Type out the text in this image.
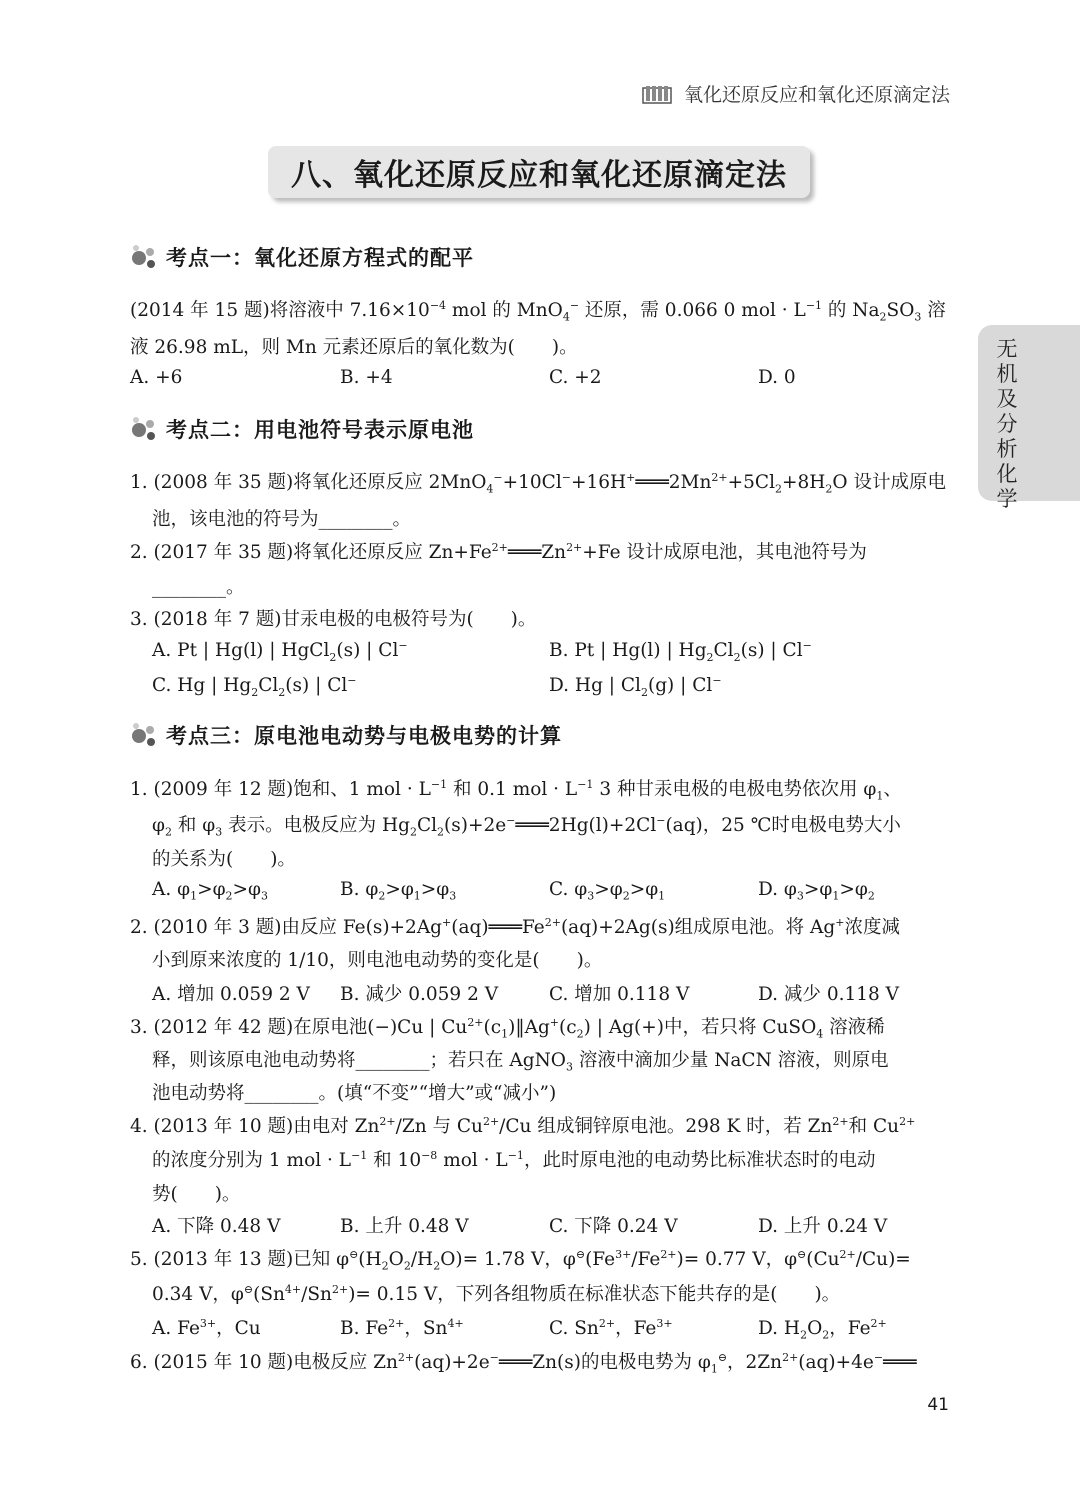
氧化还原反应和氧化还原滴定法
无机及分析化学
八、氧化还原反应和氧化还原滴定法
考点一：氧化还原方程式的配平
(2014 年 15 题)将溶液中 $7.16\times 10^{-4}$ mol 的 MnO$_4$− 还原，需 0.066 0 mol · $L^{-1}$ 的 $Na_2SO_3$ 溶
液 26.98 mL，则 Mn 元素还原后的氧化数为(　　)。
A. +6	B. +4	C. +2	D. 0
考点二：用电池符号表示原电池
1. (2008 年 35 题)将氧化还原反应 $2MnO_4^-+10Cl^-+16H^+═══2Mn^{2+}+5Cl_2+8H_2O$ 设计成原电
池，该电池的符号为________。
2. (2017 年 35 题)将氧化还原反应 $Zn+Fe^{2+}═══Zn^{2+}+Fe$ 设计成原电池，其电池符号为
________。
3. (2018 年 7 题)甘汞电极的电极符号为(　　)。
A. Pt | Hg(l) | HgCl$_2$(s) | Cl−	B. Pt | Hg(l) | $Hg_2Cl_2(s)$ | Cl−
C. Hg | $Hg_2Cl_2(s)$ | Cl−	D. Hg | $Cl_2(g)$ | Cl−
考点三：原电池电动势与电极电势的计算
1. (2009 年 12 题)饱和、1 mol · $L^{-1}$ 和 0.1 mol · $L^{-1}$ 3 种甘汞电极的电极电势依次用 $\varphi_1$、
$\varphi_2$ 和 $\varphi_3$ 表示。电极反应为 $Hg_2Cl_2(s)+2e^-═══2Hg(l)+2Cl^-(aq)$，25 ℃时电极电势大小
的关系为(　　)。
A. $\varphi_1>\varphi_2>\varphi_3$	B. $\varphi_2>\varphi_1>\varphi_3$	C. $\varphi_3>\varphi_2>\varphi_1$	D. $\varphi_3>\varphi_1>\varphi_2$
2. (2010 年 3 题)由反应 $Fe(s)+2Ag^+(aq)═══Fe^{2+}(aq)+2Ag(s)$组成原电池。将 Ag+浓度减
小到原来浓度的 1/10，则电池电动势的变化是(　　)。
A. 增加 0.059 2 V B. 减少 0.059 2 V	C. 增加 0.118 V	D. 减少 0.118 V
3. (2012 年 42 题)在原电池(−)Cu | $Cu^{2+}(c_1)‖Ag^+(c_2)$ | Ag(+)中，若只将 CuSO$_4$ 溶液稀
释，则该原电池电动势将________；若只在 AgNO$_3$ 溶液中滴加少量 NaCN 溶液，则原电
池电动势将________。(填“不变”“增大”或“减小”)
4. (2013 年 10 题)由电对 $Zn^{2+}/Zn$ 与 $Cu^{2+}/Cu$ 组成铜锌原电池。298 K 时，若 $Zn^{2+}$和 $Cu^{2+}$
的浓度分别为 1 mol · $L^{-1}$ 和 $10^{-8}$ mol · $L^{-1}$，此时原电池的电动势比标准状态时的电动
势(　　)。
A. 下降 0.48 V	B. 上升 0.48 V	C. 下降 0.24 V	D. 上升 0.24 V
5. (2013 年 13 题)已知 $\varphi^⊖(H_2O_2/H_2O)= 1.78$ V，$\varphi^⊖(Fe^{3+}/Fe^{2+})= 0.77$ V，$\varphi^⊖(Cu^{2+}/Cu)=$
0.34 V，$\varphi^⊖(Sn^{4+}/Sn^{2+})= 0.15$ V，下列各组物质在标准状态下能共存的是(　　)。
A. $Fe^{3+}$，Cu	B. $Fe^{2+}$，$Sn^{4+}$	C. $Sn^{2+}$，$Fe^{3+}$	D. $H_2O_2$，$Fe^{2+}$
6. (2015 年 10 题)电极反应 $Zn^{2+}(aq)+2e^-═══Zn(s)$的电极电势为 $\varphi_1^⊖$，$2Zn^{2+}(aq)+4e^-═══$
41
